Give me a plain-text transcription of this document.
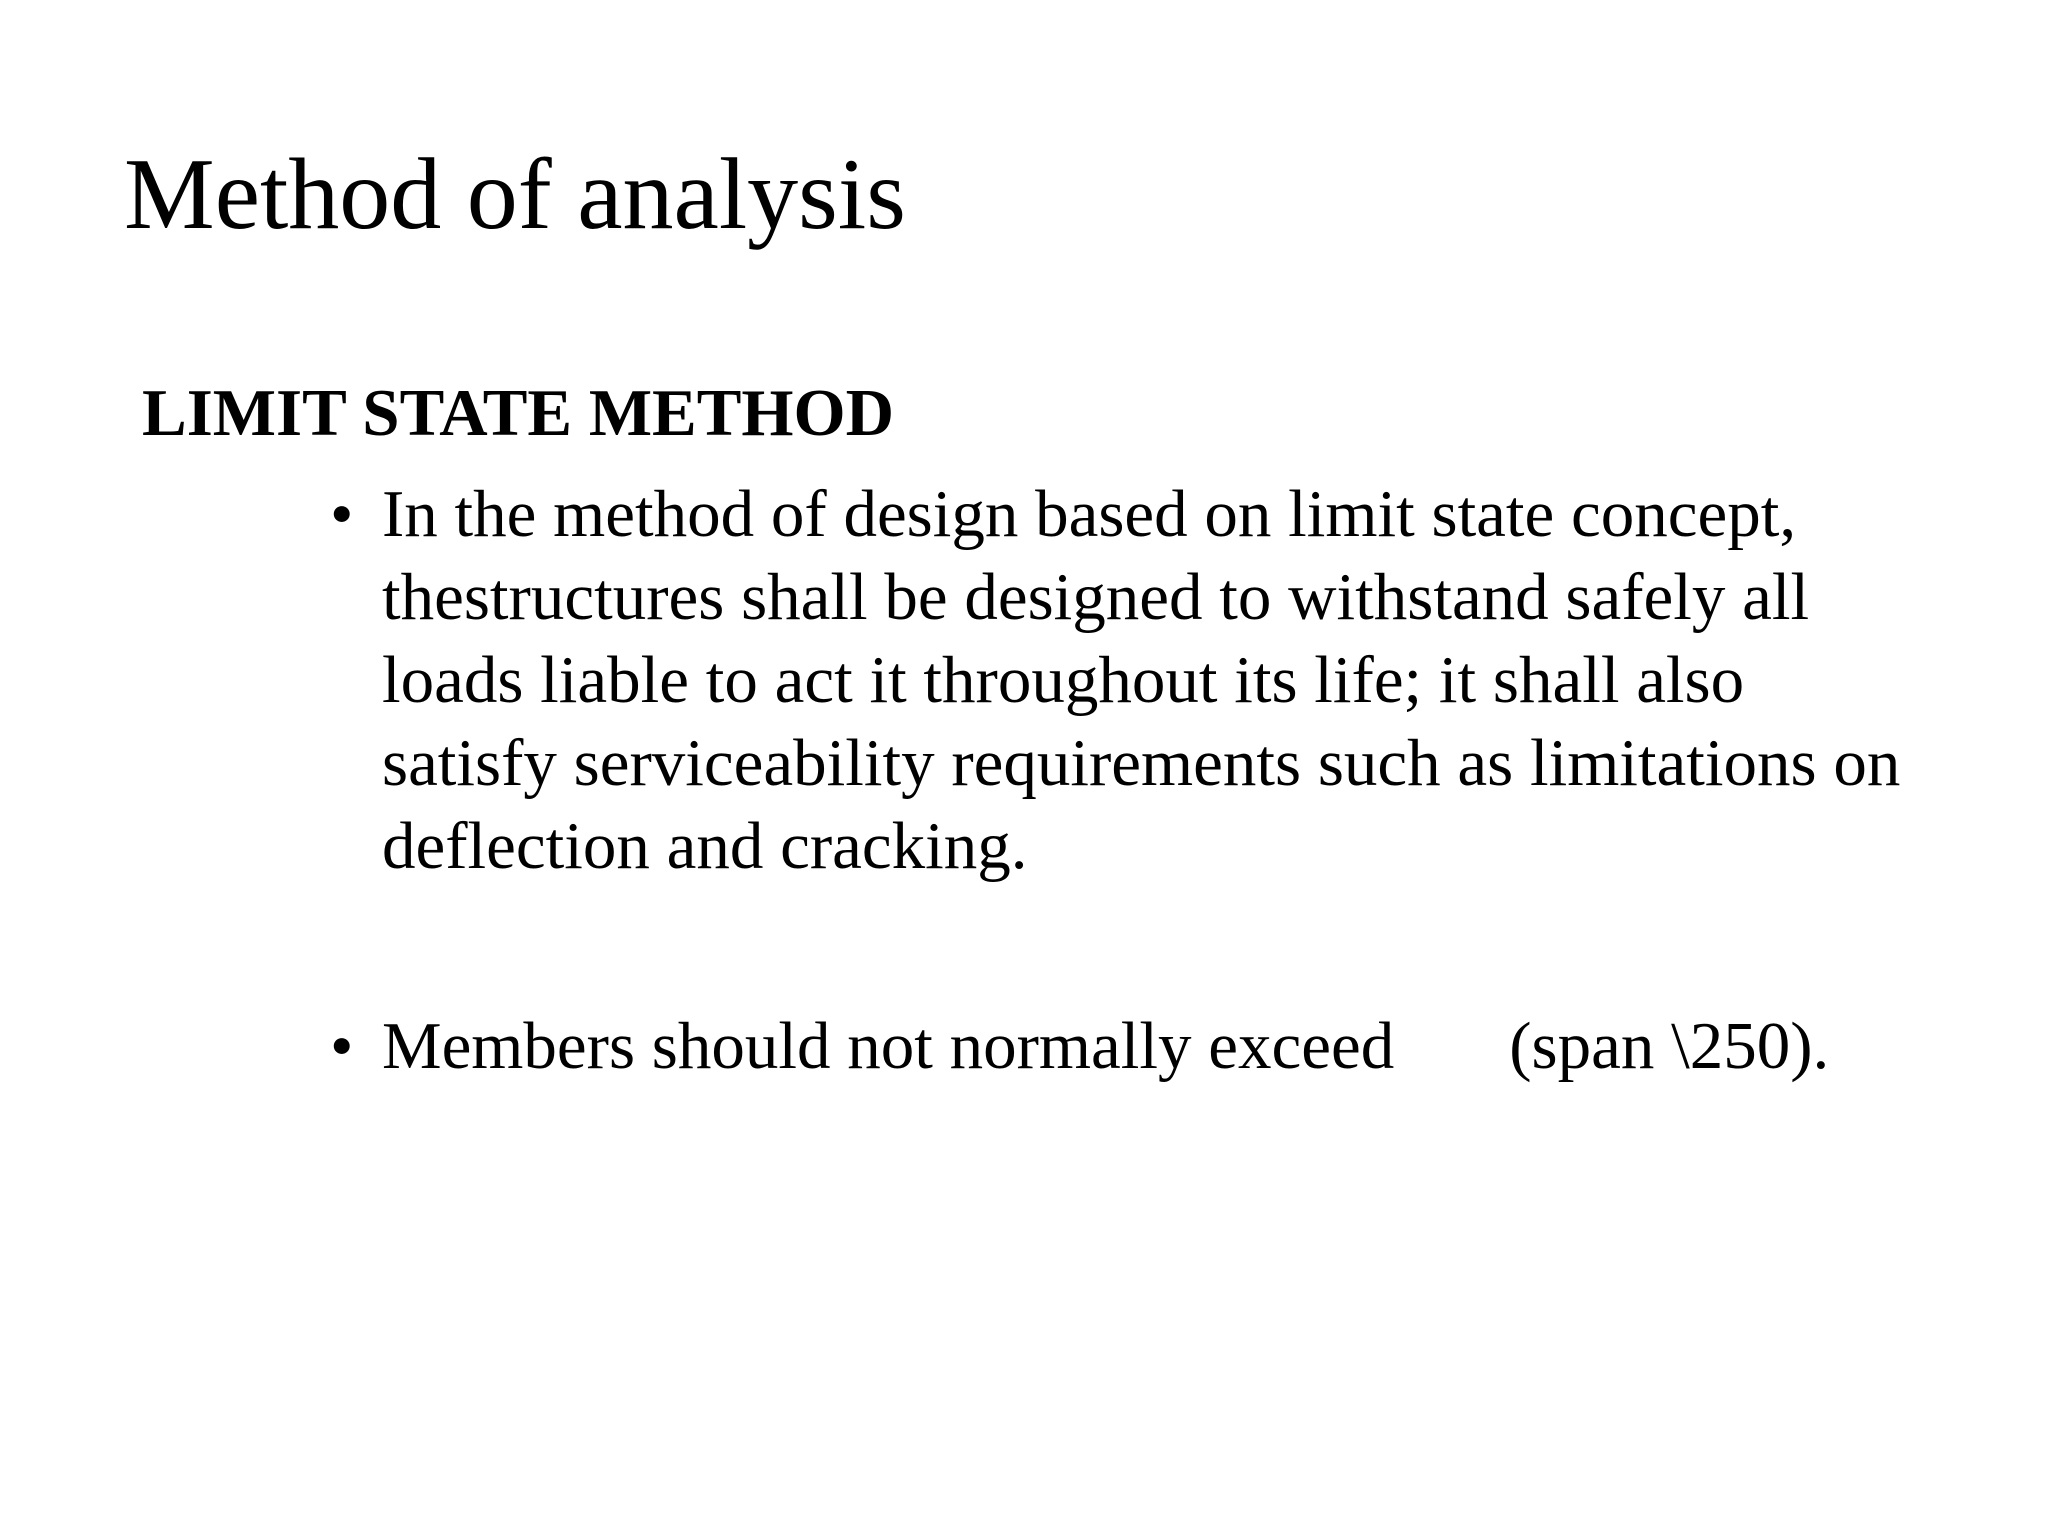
Method of analysis
LIMIT STATE METHOD
• In the method of design based on limit state concept,
thestructures shall be designed to withstand safely all
loads liable to act it throughout its life; it shall also
satisfy serviceability requirements such as limitations on
deflection and cracking.
• Members should not normally exceed (span \250).
